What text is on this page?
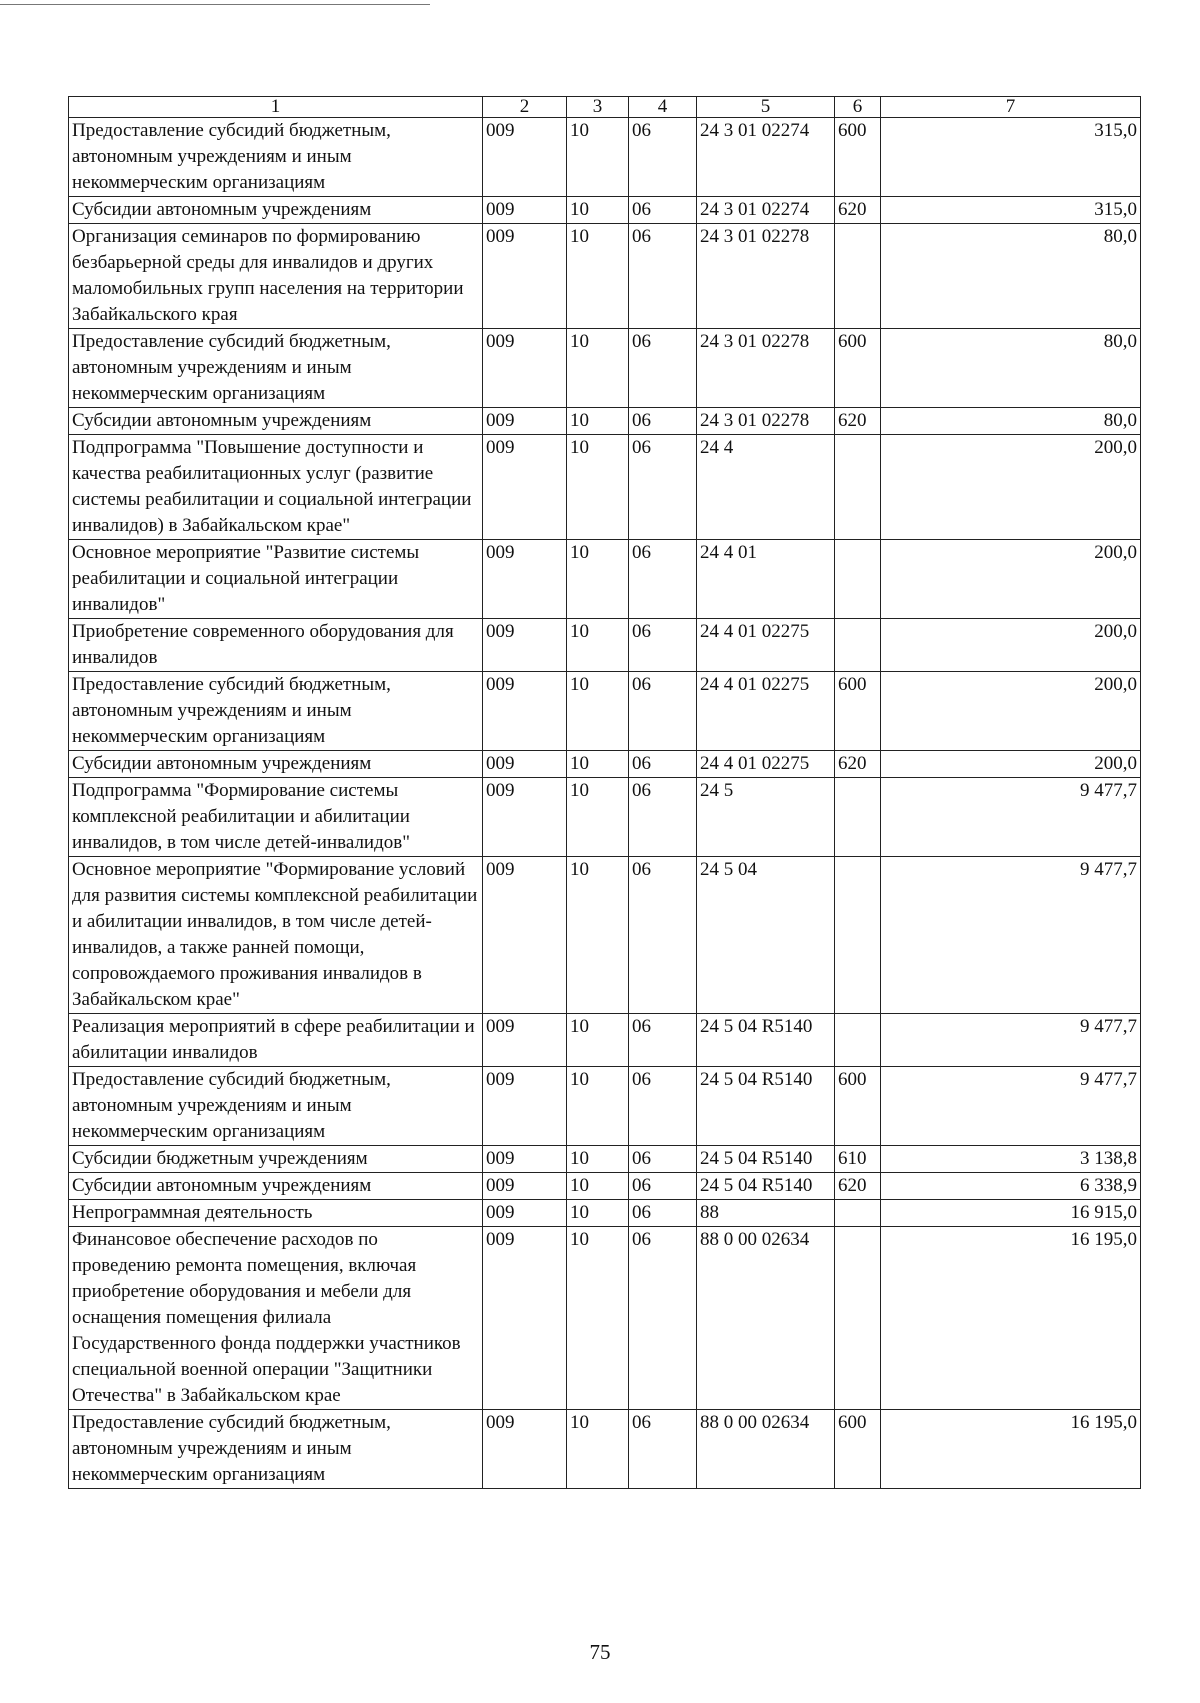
1	2	3	4	5	6	7
Предоставление субсидий бюджетным, автономным учреждениям и иным некоммерческим организациям	009	10	06	24 3 01 02274	600	315,0
Субсидии автономным учреждениям	009	10	06	24 3 01 02274	620	315,0
Организация семинаров по формированию безбарьерной среды для инвалидов и других маломобильных групп населения на территории Забайкальского края	009	10	06	24 3 01 02278		80,0
Предоставление субсидий бюджетным, автономным учреждениям и иным некоммерческим организациям	009	10	06	24 3 01 02278	600	80,0
Субсидии автономным учреждениям	009	10	06	24 3 01 02278	620	80,0
Подпрограмма "Повышение доступности и качества реабилитационных услуг (развитие системы реабилитации и социальной интеграции инвалидов) в Забайкальском крае"	009	10	06	24 4		200,0
Основное мероприятие "Развитие системы реабилитации и социальной интеграции инвалидов"	009	10	06	24 4 01		200,0
Приобретение современного оборудования для инвалидов	009	10	06	24 4 01 02275		200,0
Предоставление субсидий бюджетным, автономным учреждениям и иным некоммерческим организациям	009	10	06	24 4 01 02275	600	200,0
Субсидии автономным учреждениям	009	10	06	24 4 01 02275	620	200,0
Подпрограмма "Формирование системы комплексной реабилитации и абилитации инвалидов, в том числе детей-инвалидов"	009	10	06	24 5		9 477,7
Основное мероприятие "Формирование условий для развития системы комплексной реабилитации и абилитации инвалидов, в том числе детей-инвалидов, а также ранней помощи, сопровождаемого проживания инвалидов в Забайкальском крае"	009	10	06	24 5 04		9 477,7
Реализация мероприятий в сфере реабилитации и абилитации инвалидов	009	10	06	24 5 04 R5140		9 477,7
Предоставление субсидий бюджетным, автономным учреждениям и иным некоммерческим организациям	009	10	06	24 5 04 R5140	600	9 477,7
Субсидии бюджетным учреждениям	009	10	06	24 5 04 R5140	610	3 138,8
Субсидии автономным учреждениям	009	10	06	24 5 04 R5140	620	6 338,9
Непрограммная деятельность	009	10	06	88		16 915,0
Финансовое обеспечение расходов по проведению ремонта помещения, включая приобретение оборудования и мебели для оснащения помещения филиала Государственного фонда поддержки участников специальной военной операции "Защитники Отечества" в Забайкальском крае	009	10	06	88 0 00 02634		16 195,0
Предоставление субсидий бюджетным, автономным учреждениям и иным некоммерческим организациям	009	10	06	88 0 00 02634	600	16 195,0
75
